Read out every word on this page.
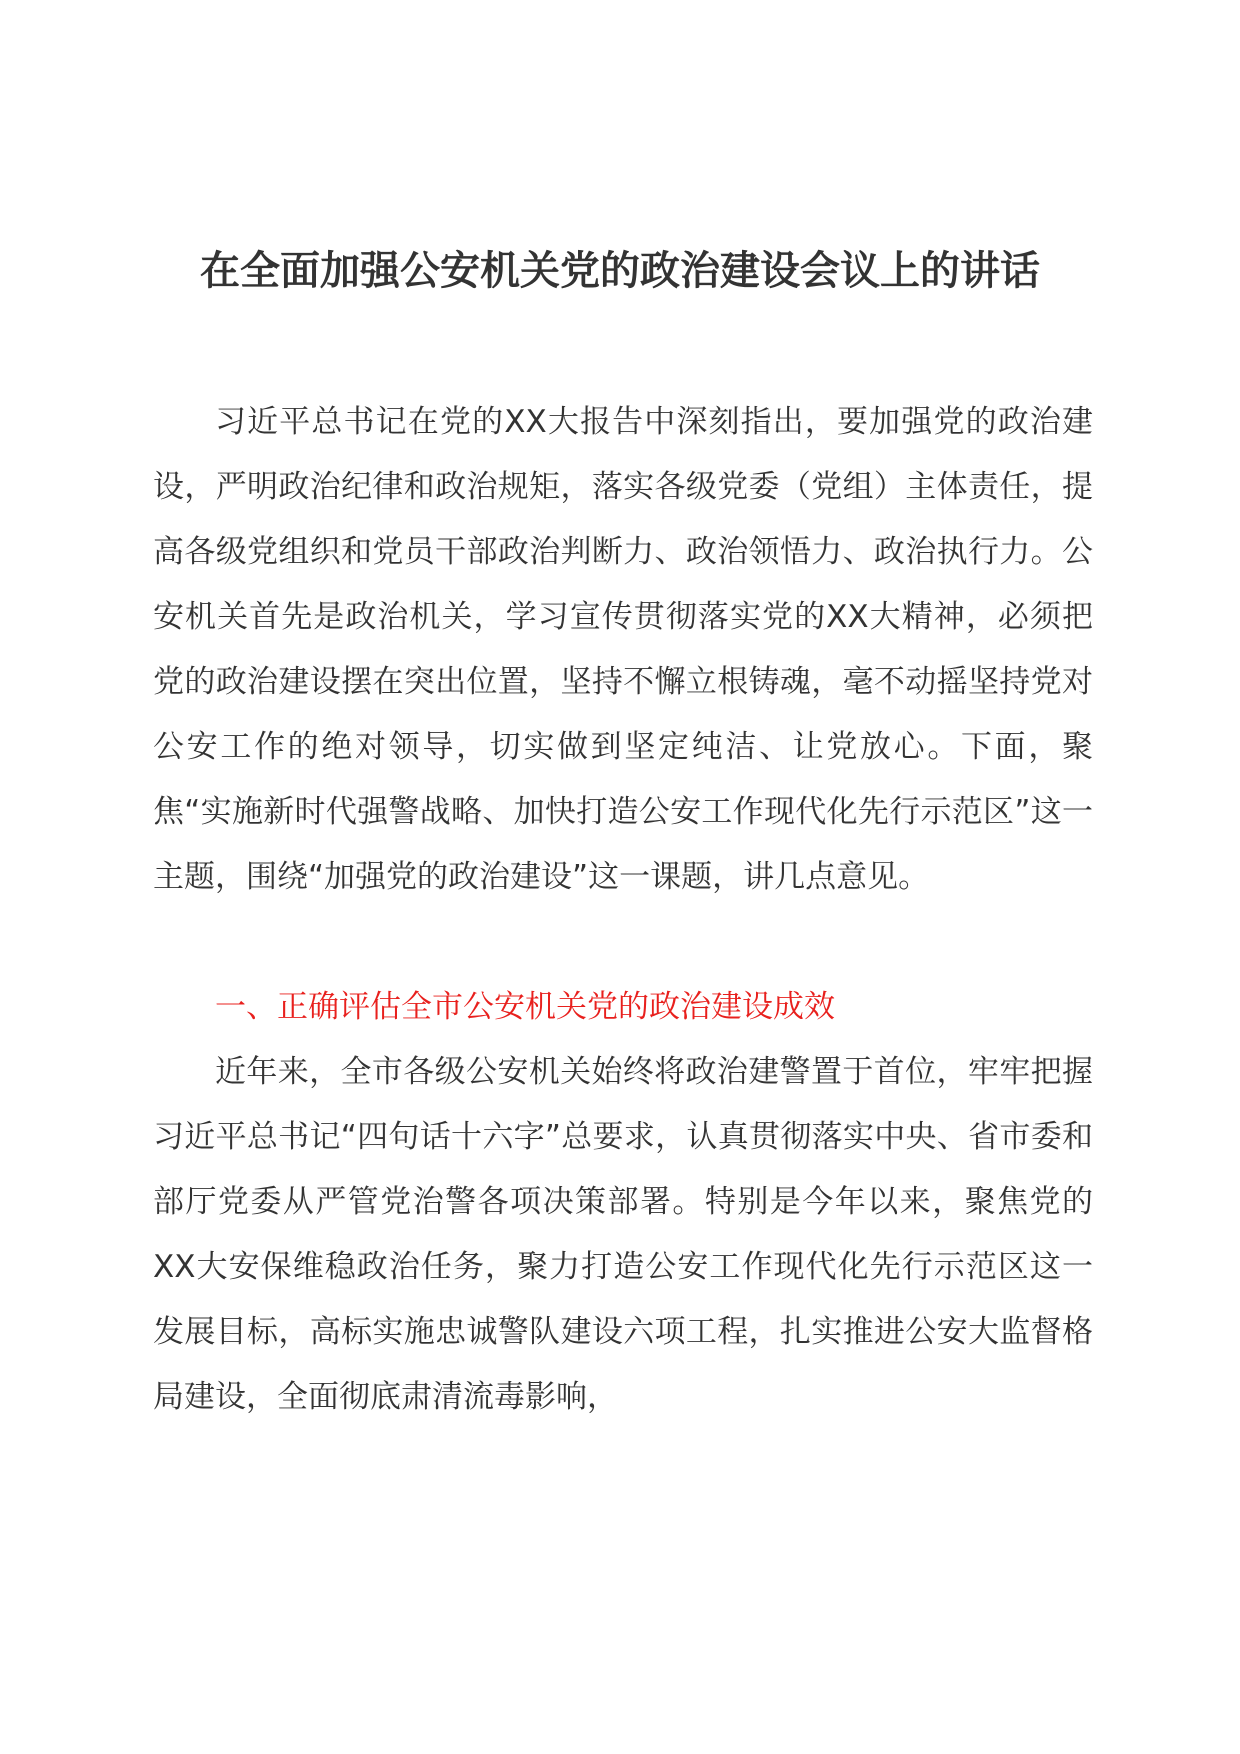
在全面加强公安机关党的政治建设会议上的讲话

习近平总书记在党的XX大报告中深刻指出，要加强党的政治建设，严明政治纪律和政治规矩，落实各级党委（党组）主体责任，提高各级党组织和党员干部政治判断力、政治领悟力、政治执行力。公安机关首先是政治机关，学习宣传贯彻落实党的XX大精神，必须把党的政治建设摆在突出位置，坚持不懈立根铸魂，毫不动摇坚持党对公安工作的绝对领导，切实做到坚定纯洁、让党放心。下面，聚焦“实施新时代强警战略、加快打造公安工作现代化先行示范区”这一主题，围绕“加强党的政治建设”这一课题，讲几点意见。

一、正确评估全市公安机关党的政治建设成效

近年来，全市各级公安机关始终将政治建警置于首位，牢牢把握习近平总书记“四句话十六字”总要求，认真贯彻落实中央、省市委和部厅党委从严管党治警各项决策部署。特别是今年以来，聚焦党的XX大安保维稳政治任务，聚力打造公安工作现代化先行示范区这一发展目标，高标实施忠诚警队建设六项工程，扎实推进公安大监督格局建设，全面彻底肃清流毒影响，
